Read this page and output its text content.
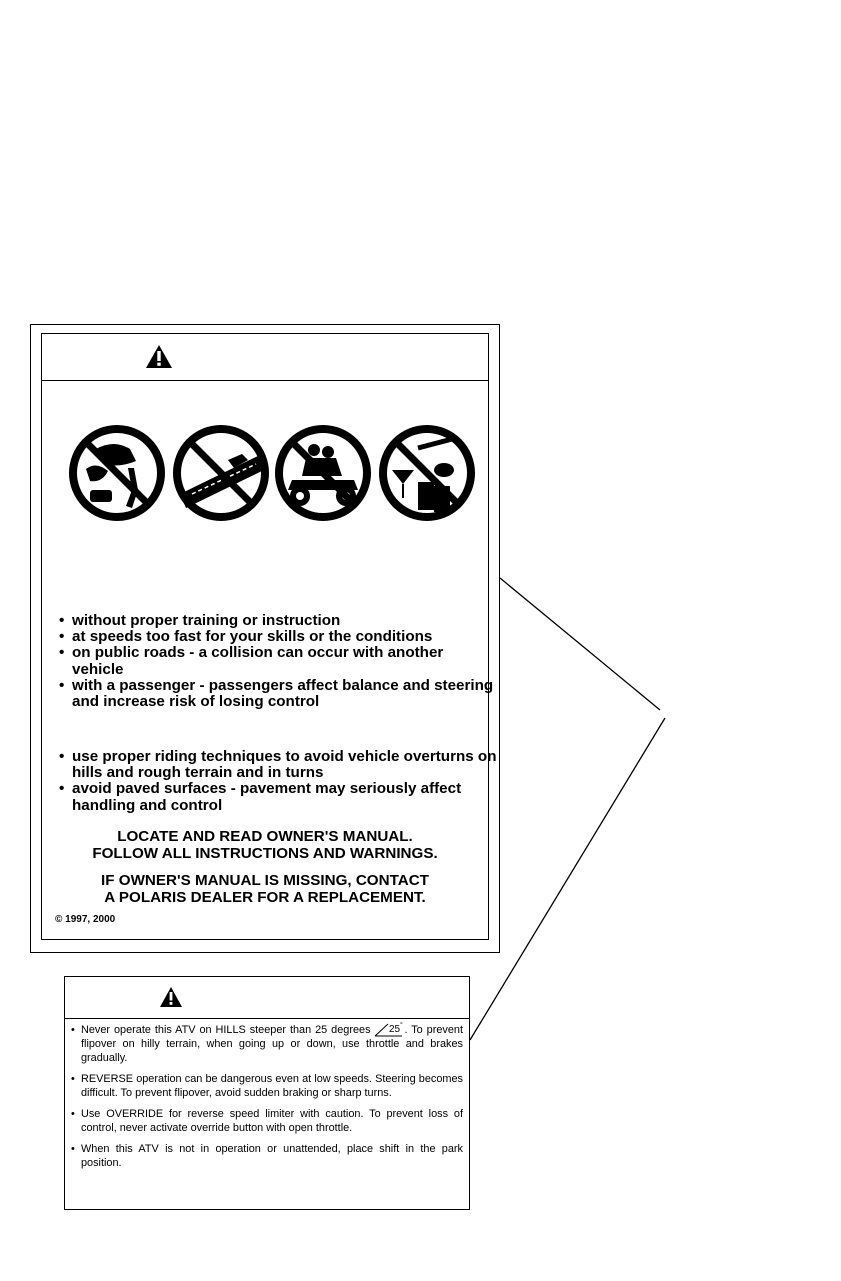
• without proper training or instruction
• at speeds too fast for your skills or the conditions
• on public roads - a collision can occur with another vehicle
• with a passenger - passengers affect balance and steering and increase risk of losing control
• use proper riding techniques to avoid vehicle overturns on hills and rough terrain and in turns
• avoid paved surfaces - pavement may seriously affect handling and control
LOCATE AND READ OWNER'S MANUAL.
FOLLOW ALL INSTRUCTIONS AND WARNINGS.
IF OWNER'S MANUAL IS MISSING, CONTACT
A POLARIS DEALER FOR A REPLACEMENT.
© 1997, 2000
• Never operate this ATV on HILLS steeper than 25 degrees 25 ° . To prevent flipover on hilly terrain, when going up or down, use throttle and brakes gradually.
• REVERSE operation can be dangerous even at low speeds. Steering becomes difficult. To prevent flipover, avoid sudden braking or sharp turns.
• Use OVERRIDE for reverse speed limiter with caution. To prevent loss of control, never activate override button with open throttle.
• When this ATV is not in operation or unattended, place shift in the park position.
